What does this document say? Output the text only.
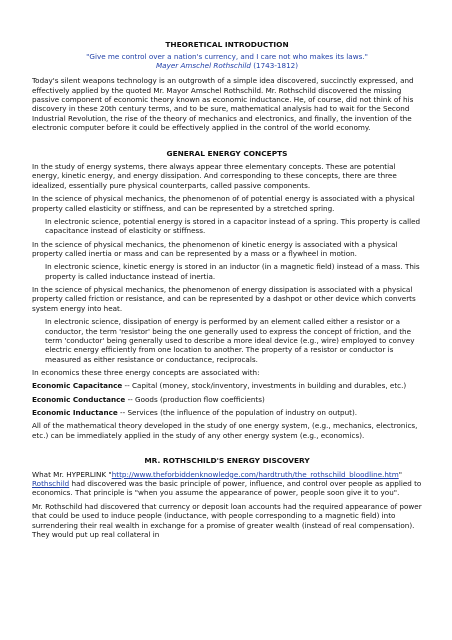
THEORETICAL INTRODUCTION

"Give me control over a nation's currency, and I care not who makes its laws."

Mayer Amschel Rothschild (1743-1812)

Today's silent weapons technology is an outgrowth of a simple idea discovered, succinctly expressed, and effectively applied by the quoted Mr. Mayor Amschel Rothschild. Mr. Rothschild discovered the missing passive component of economic theory known as economic inductance. He, of course, did not think of his discovery in these 20th century terms, and to be sure, mathematical analysis had to wait for the Second Industrial Revolution, the rise of the theory of mechanics and electronics, and finally, the invention of the electronic computer before it could be effectively applied in the control of the world economy.

GENERAL ENERGY CONCEPTS

In the study of energy systems, there always appear three elementary concepts. These are potential energy, kinetic energy, and energy dissipation. And corresponding to these concepts, there are three idealized, essentially pure physical counterparts, called passive components.

In the science of physical mechanics, the phenomenon of of potential energy is associated with a physical property called elasticity or stiffness, and can be represented by a stretched spring.

In electronic science, potential energy is stored in a capacitor instead of a spring. This property is called capacitance instead of elasticity or stiffness.

In the science of physical mechanics, the phenomenon of kinetic energy is associated with a physical property called inertia or mass and can be represented by a mass or a flywheel in motion.

In electronic science, kinetic energy is stored in an inductor (in a magnetic field) instead of a mass. This property is called inductance instead of inertia.

In the science of physical mechanics, the phenomenon of energy dissipation is associated with a physical property called friction or resistance, and can be represented by a dashpot or other device which converts system energy into heat.

In electronic science, dissipation of energy is performed by an element called either a resistor or a conductor, the term 'resistor' being the one generally used to express the concept of friction, and the term 'conductor' being generally used to describe a more ideal device (e.g., wire) employed to convey electric energy efficiently from one location to another. The property of a resistor or conductor is measured as either resistance or conductance, reciprocals.

In economics these three energy concepts are associated with:

Economic Capacitance -- Capital (money, stock/inventory, investments in building and durables, etc.)

Economic Conductance -- Goods (production flow coefficients)

Economic Inductance -- Services (the influence of the population of industry on output).

All of the mathematical theory developed in the study of one energy system, (e.g., mechanics, electronics, etc.) can be immediately applied in the study of any other energy system (e.g., economics).

MR. ROTHSCHILD'S ENERGY DISCOVERY

What Mr. HYPERLINK "http://www.theforbiddenknowledge.com/hardtruth/the_rothschild_bloodline.htm" Rothschild had discovered was the basic principle of power, influence, and control over people as applied to economics. That principle is "when you assume the appearance of power, people soon give it to you".

Mr. Rothschild had discovered that currency or deposit loan accounts had the required appearance of power that could be used to induce people (inductance, with people corresponding to a magnetic field) into surrendering their real wealth in exchange for a promise of greater wealth (instead of real compensation). They would put up real collateral in
